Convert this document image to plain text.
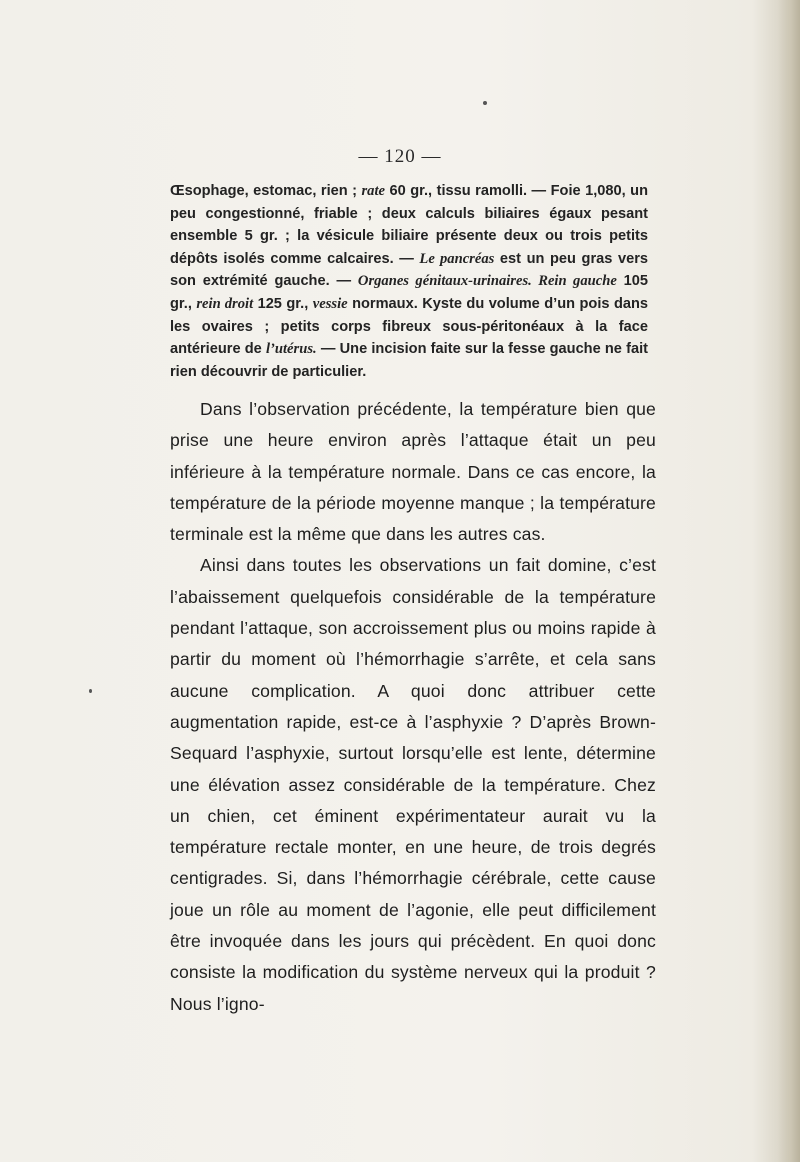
— 120 —
Œsophage, estomac, rien ; rate 60 gr., tissu ramolli. — Foie 1,080, un peu congestionné, friable ; deux calculs biliaires égaux pesant ensemble 5 gr. ; la vésicule biliaire présente deux ou trois petits dépôts isolés comme calcaires. — Le pancréas est un peu gras vers son extrémité gauche. — Organes génitaux-urinaires. Rein gauche 105 gr., rein droit 125 gr., vessie normaux. Kyste du volume d’un pois dans les ovaires ; petits corps fibreux sous-péritonéaux à la face antérieure de l’utérus. — Une incision faite sur la fesse gauche ne fait rien découvrir de particulier.

Dans l’observation précédente, la température bien que prise une heure environ après l’attaque était un peu inférieure à la température normale. Dans ce cas encore, la température de la période moyenne manque ; la température terminale est la même que dans les autres cas.

Ainsi dans toutes les observations un fait domine, c’est l’abaissement quelquefois considérable de la température pendant l’attaque, son accroissement plus ou moins rapide à partir du moment où l’hémorrhagie s’arrête, et cela sans aucune complication. A quoi donc attribuer cette augmentation rapide, est-ce à l’asphyxie ? D’après Brown-Sequard l’asphyxie, surtout lorsqu’elle est lente, détermine une élévation assez considérable de la température. Chez un chien, cet éminent expérimentateur aurait vu la température rectale monter, en une heure, de trois degrés centigrades. Si, dans l’hémorrhagie cérébrale, cette cause joue un rôle au moment de l’agonie, elle peut difficilement être invoquée dans les jours qui précèdent. En quoi donc consiste la modification du système nerveux qui la produit ? Nous l’igno-
